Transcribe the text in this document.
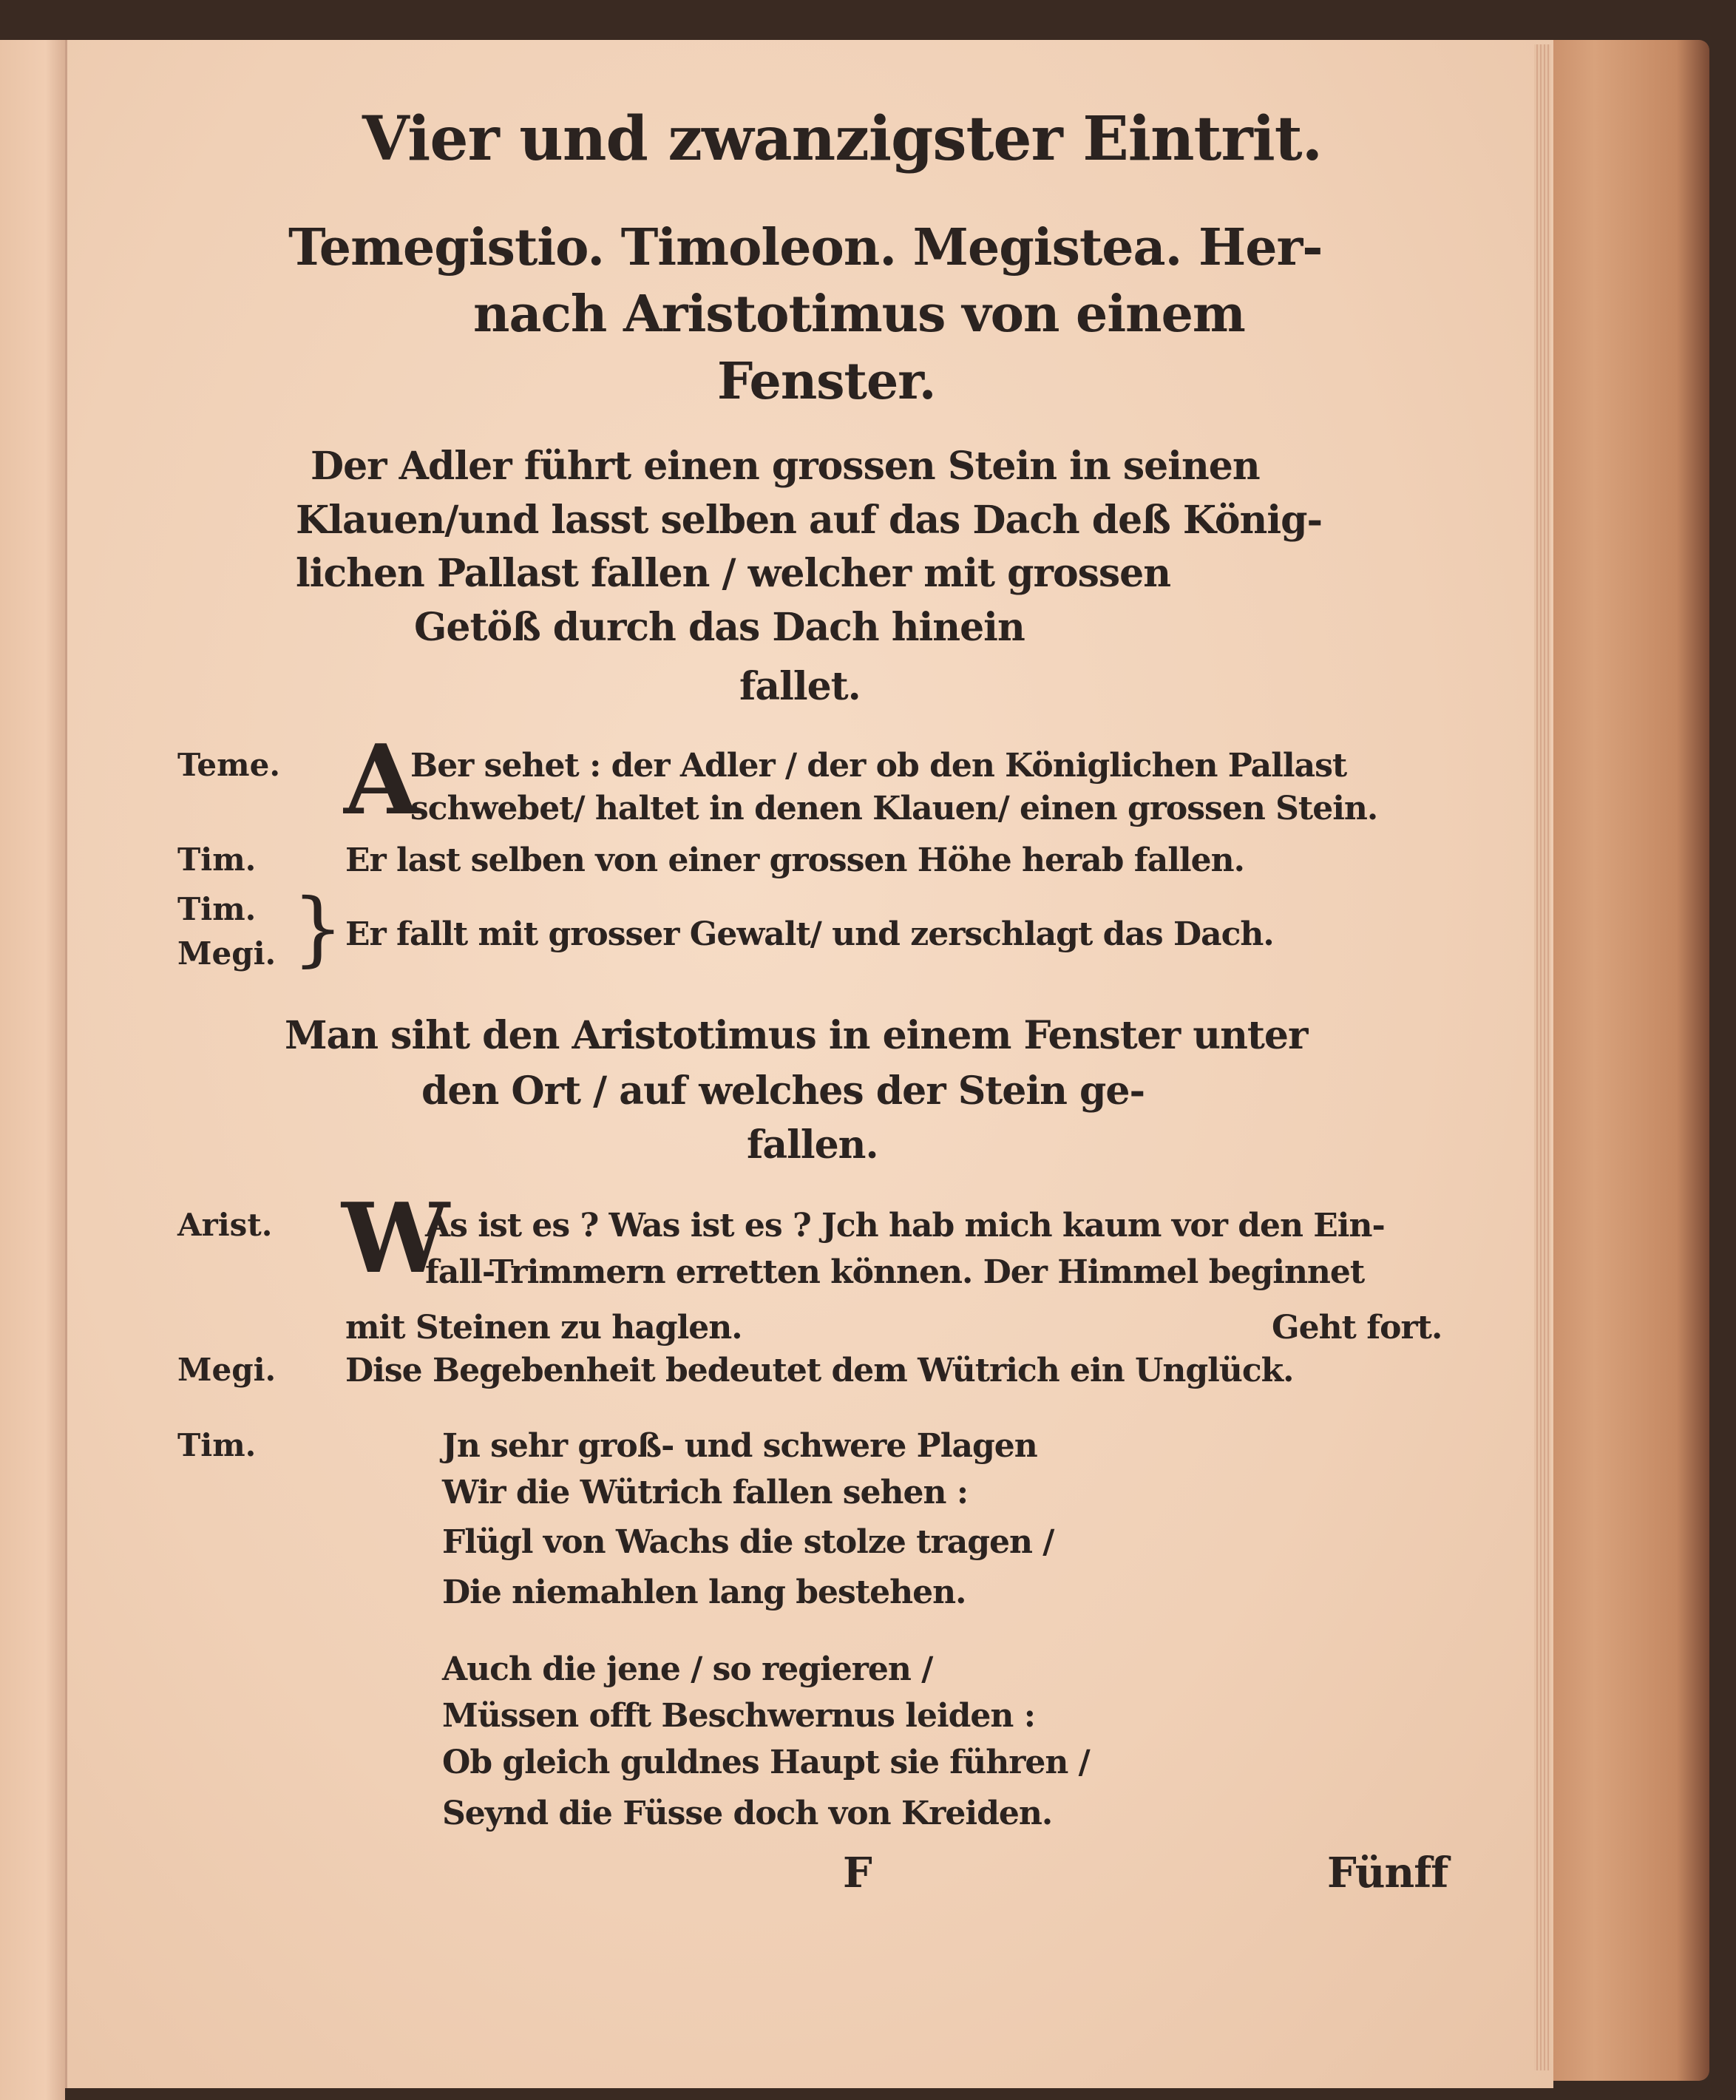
Vier und zwanzigster Eintrit.
Temegistio. Timoleon. Megistea. Her-
nach Aristotimus von einem
Fenster.
Der Adler führt einen grossen Stein in seinen
Klauen/und lasst selben auf das Dach deß König-
lichen Pallast fallen / welcher mit grossen
Getöß durch das Dach hinein
fallet.
Teme. A
Ber sehet : der Adler / der ob den Königlichen Pallast
schwebet/ haltet in denen Klauen/ einen grossen Stein.
Tim.	Er last selben von einer grossen Höhe herab fallen.
Tim.
Megi. } Er fallt mit grosser Gewalt/ und zerschlagt das Dach.
Man siht den Aristotimus in einem Fenster unter
den Ort / auf welches der Stein ge-
fallen.
Arist. W
As ist es ? Was ist es ? Jch hab mich kaum vor den Ein-
fall-Trimmern erretten können. Der Himmel beginnet
mit Steinen zu haglen.	Geht fort.
Megi. Dise Begebenheit bedeutet dem Wütrich ein Unglück.
Tim.	Jn sehr groß- und schwere Plagen
Wir die Wütrich fallen sehen :
Flügl von Wachs die stolze tragen /
Die niemahlen lang bestehen.
Auch die jene / so regieren /
Müssen offt Beschwernus leiden :
Ob gleich guldnes Haupt sie führen /
Seynd die Füsse doch von Kreiden.
F	Fünff
